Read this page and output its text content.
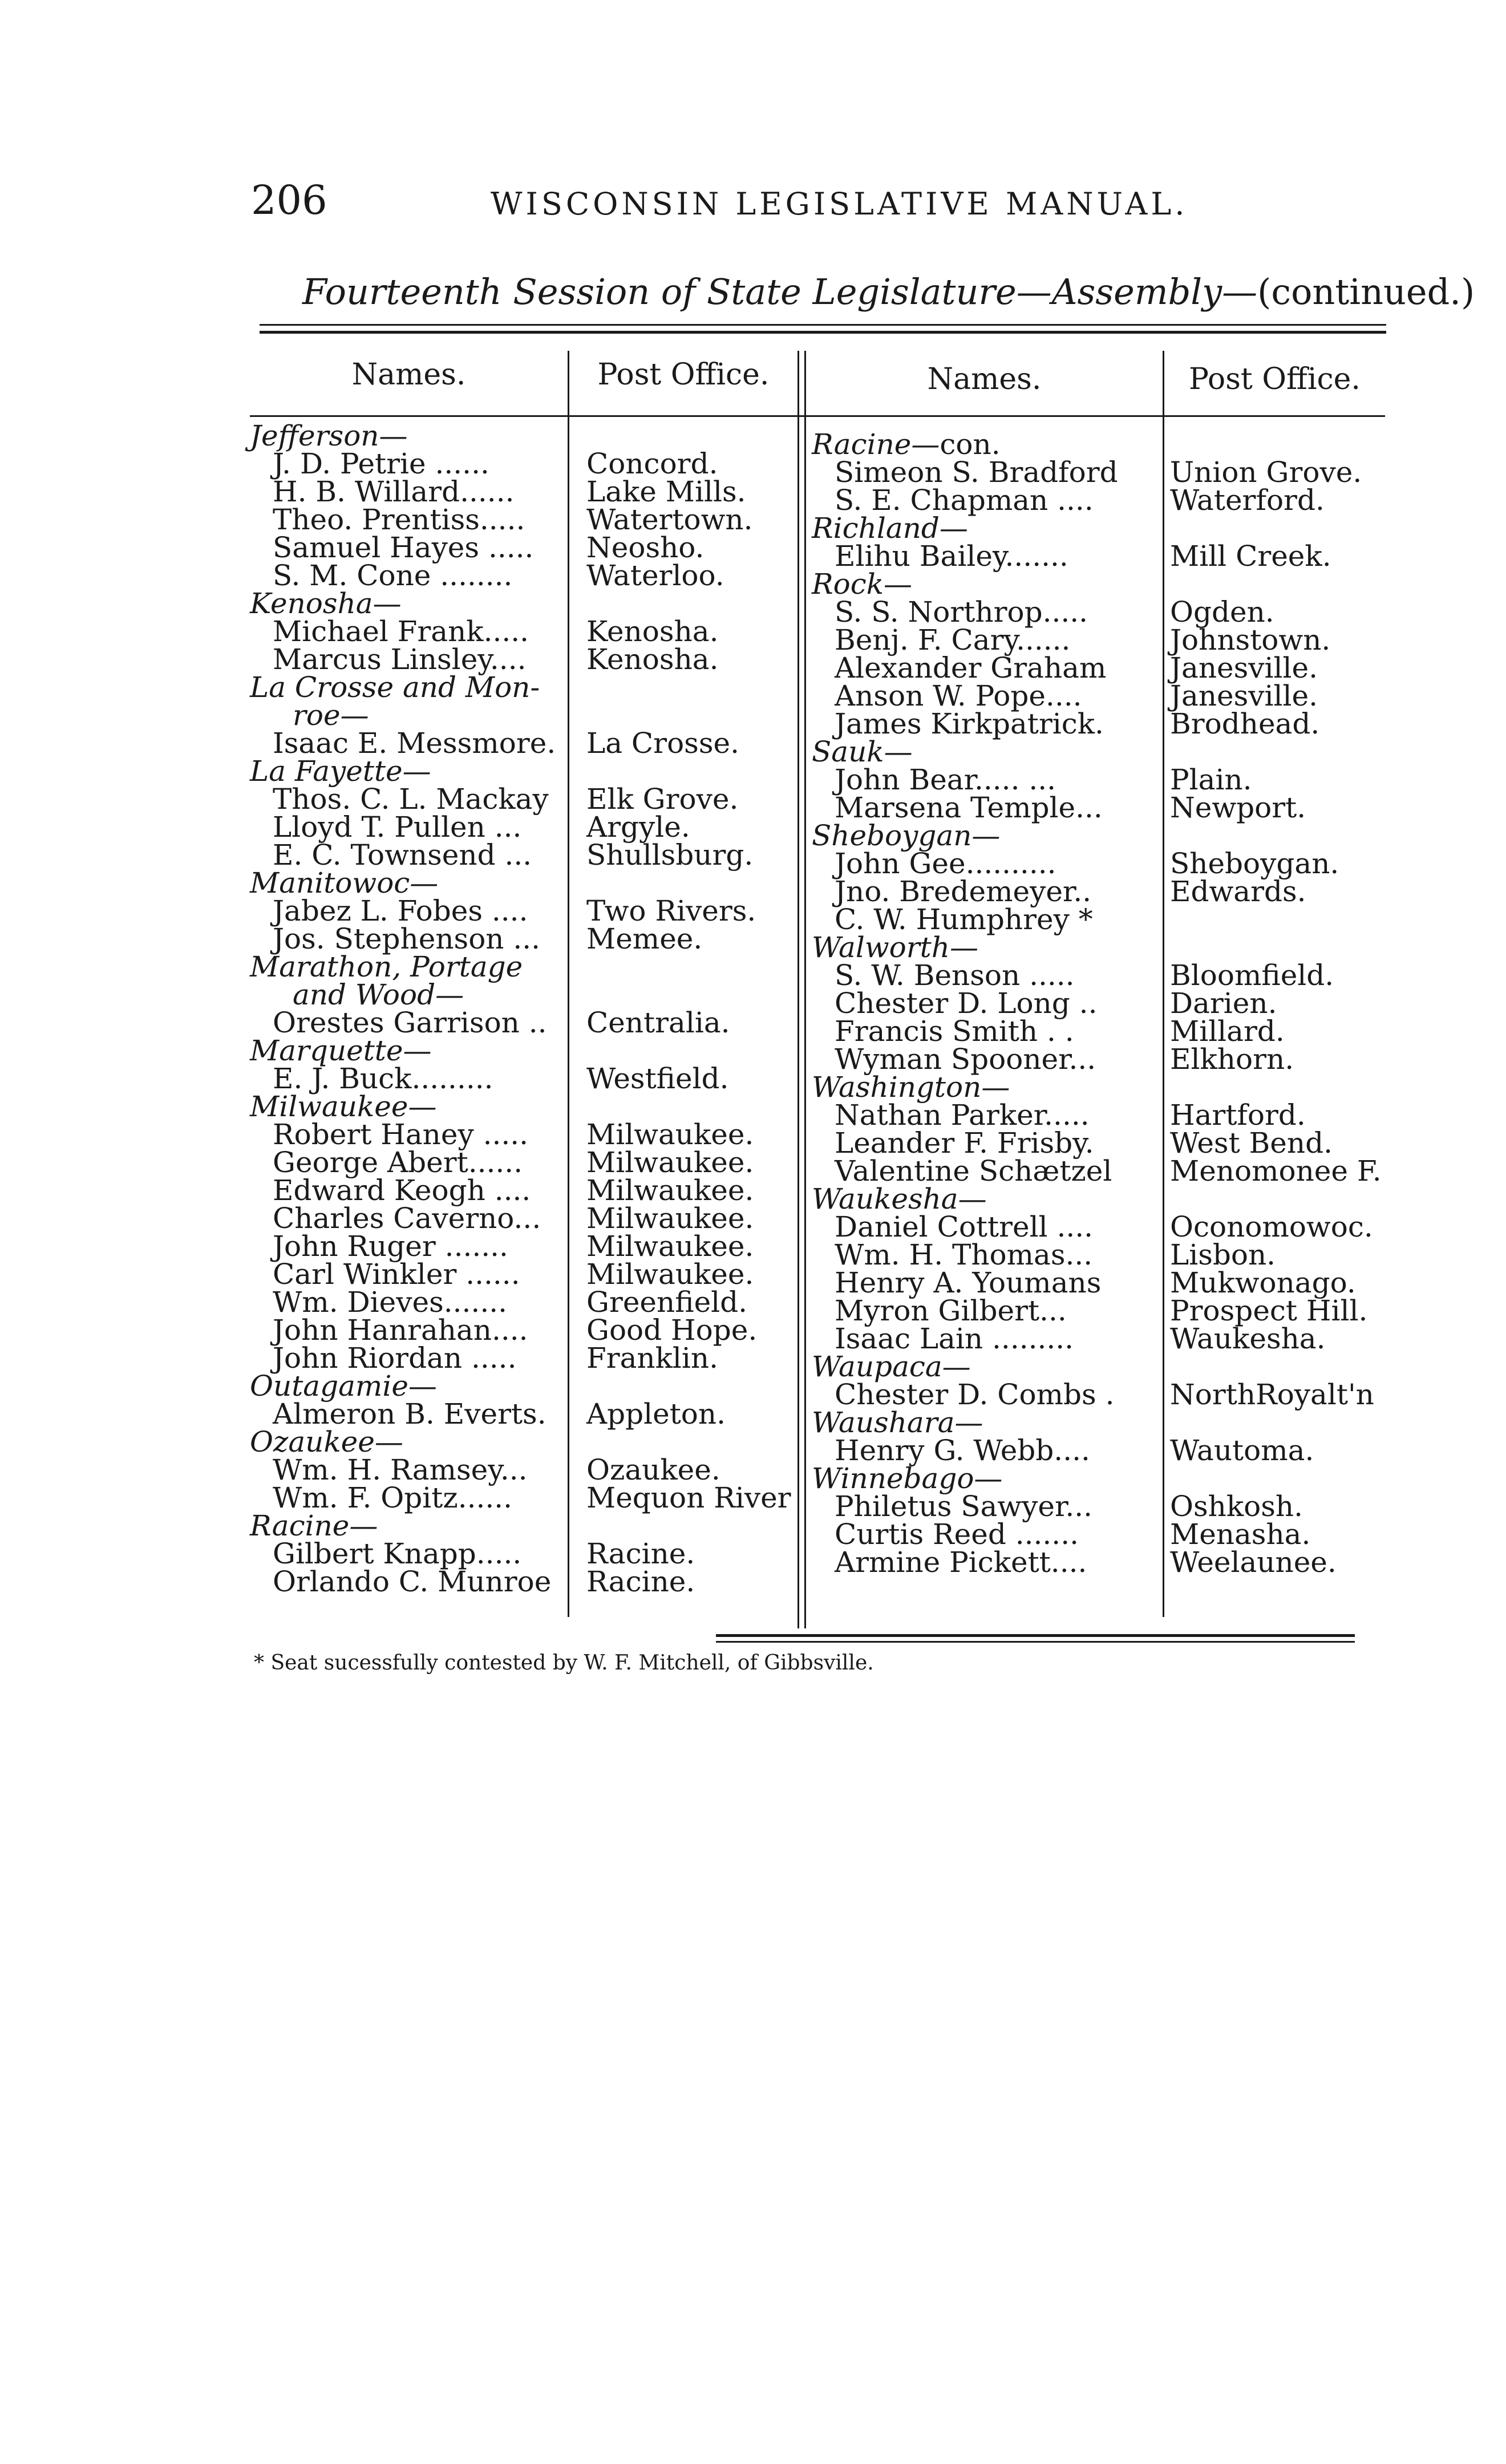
206	WISCONSIN LEGISLATIVE MANUAL.
Fourteenth Session of State Legislature—Assembly—(continued.)
Names.	Post Office.
Jefferson—
J. D. Petrie ......	Concord.
H. B. Willard......	Lake Mills.
Theo. Prentiss..... Watertown.
Samuel Hayes ..... Neosho.
S. M. Cone ........	Waterloo.
Kenosha—
Michael Frank..... Kenosha.
Marcus Linsley.... Kenosha.
La Crosse and Mon-
roe—
Isaac E. Messmore. La Crosse.
La Fayette—
Thos. C. L. Mackay Elk Grove.
Lloyd T. Pullen ... Argyle.
E. C. Townsend ... Shullsburg.
Manitowoc—
Jabez L. Fobes .... Two Rivers.
Jos. Stephenson ... Memee.
Marathon, Portage
and Wood—
Orestes Garrison .. Centralia.
Marquette—
E. J. Buck.........	Westfield.
Milwaukee—
Robert Haney ..... Milwaukee.
George Abert...... Milwaukee.
Edward Keogh .... Milwaukee.
Charles Caverno... Milwaukee.
John Ruger .......	Milwaukee.
Carl Winkler ...... Milwaukee.
Wm. Dieves.......	Greenfield.
John Hanrahan.... Good Hope.
John Riordan ..... Franklin.
Outagamie—
Almeron B. Everts. Appleton.
Ozaukee—
Wm. H. Ramsey... Ozaukee.
Wm. F. Opitz......	Mequon River
Racine—
Gilbert Knapp..... Racine.
Orlando C. Munroe Racine.
Names.	Post Office.
Racine—con.
Simeon S. Bradford Union Grove.
S. E. Chapman ....	Waterford.
Richland—
Elihu Bailey.......	Mill Creek.
Rock—
S. S. Northrop.....	Ogden.
Benj. F. Cary......	Johnstown.
Alexander Graham Janesville.
Anson W. Pope....	Janesville.
James Kirkpatrick. Brodhead.
Sauk—
John Bear..... ...	Plain.
Marsena Temple... Newport.
Sheboygan—
John Gee..........	Sheboygan.
Jno. Bredemeyer..	Edwards.
C. W. Humphrey *
Walworth—
S. W. Benson .....	Bloomfield.
Chester D. Long ..	Darien.
Francis Smith . .	Millard.
Wyman Spooner...	Elkhorn.
Washington—
Nathan Parker.....	Hartford.
Leander F. Frisby.	West Bend.
Valentine Schætzel Menomonee F.
Waukesha—
Daniel Cottrell ....	Oconomowoc.
Wm. H. Thomas...	Lisbon.
Henry A. Youmans Mukwonago.
Myron Gilbert...	Prospect Hill.
Isaac Lain .........	Waukesha.
Waupaca—
Chester D. Combs . NorthRoyalt'n
Waushara—
Henry G. Webb....	Wautoma.
Winnebago—
Philetus Sawyer...	Oshkosh.
Curtis Reed .......	Menasha.
Armine Pickett....	Weelaunee.
* Seat sucessfully contested by W. F. Mitchell, of Gibbsville.
